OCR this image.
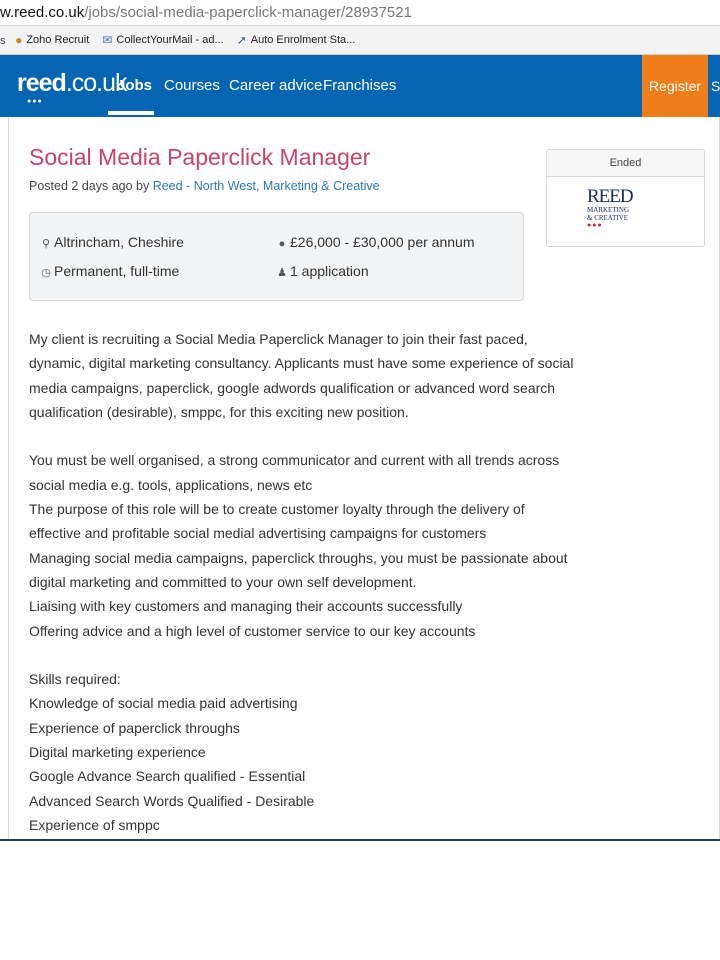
w.reed.co.uk/jobs/social-media-paperclick-manager/28937521
s ● Zoho Recruit
✉ CollectYourMail - ad...
➚ Auto Enrolment Sta...
reed.co.uk
●●●
Jobs Courses Career advice Franchises	Register S
Social Media Paperclick Manager
Posted 2 days ago by Reed - North West, Marketing & Creative
⚲ Altrincham, Cheshire	● £26,000 - £30,000 per annum
◷ Permanent, full-time	♟ 1 application
Ended
REED
MARKETING
& CREATIVE
●●●
My client is recruiting a Social Media Paperclick Manager to join their fast paced,
dynamic, digital marketing consultancy. Applicants must have some experience of social
media campaigns, paperclick, google adwords qualification or advanced word search
qualification (desirable), smppc, for this exciting new position.
You must be well organised, a strong communicator and current with all trends across
social media e.g. tools, applications, news etc
The purpose of this role will be to create customer loyalty through the delivery of
effective and profitable social medial advertising campaigns for customers
Managing social media campaigns, paperclick throughs, you must be passionate about
digital marketing and committed to your own self development.
Liaising with key customers and managing their accounts successfully
Offering advice and a high level of customer service to our key accounts
Skills required:
Knowledge of social media paid advertising
Experience of paperclick throughs
Digital marketing experience
Google Advance Search qualified - Essential
Advanced Search Words Qualified - Desirable
Experience of smppc
